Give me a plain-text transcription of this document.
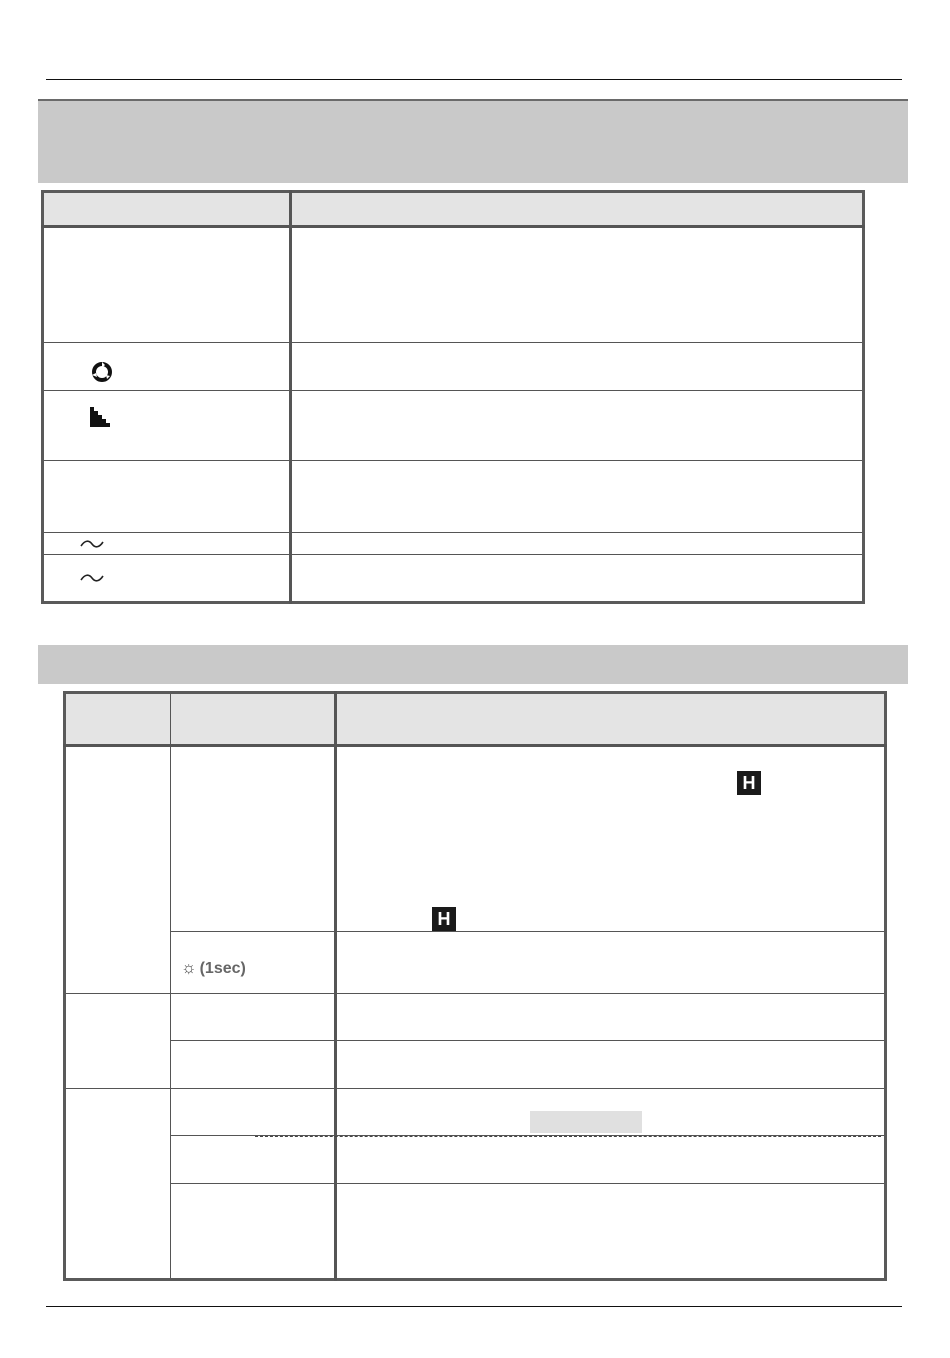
		H
H

	☼ (1sec)	
